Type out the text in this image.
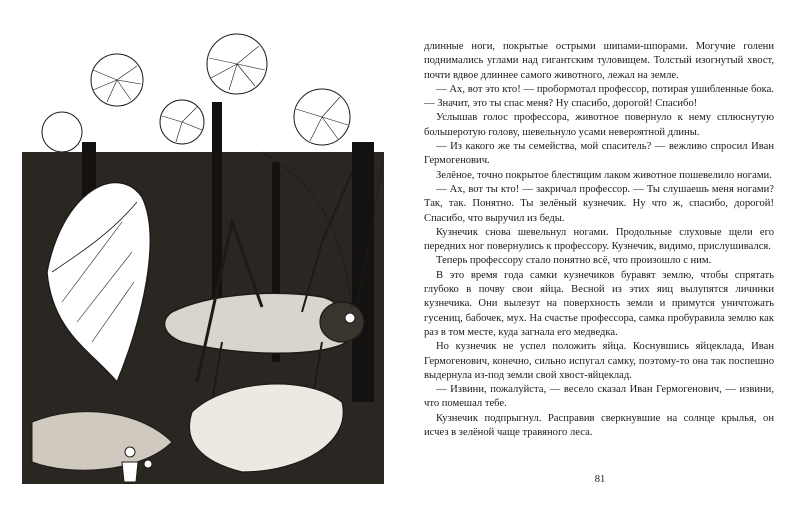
длинные ноги, покрытые острыми шипами-шпорами. Могучие голени поднимались углами над гигантским туловищем. Толстый изогнутый хвост, почти вдвое длиннее самого животного, лежал на земле.

— Ах, вот это кто! — пробормотал профессор, потирая ушибленные бока. — Значит, это ты спас меня? Ну спасибо, дорогой! Спасибо!

Услышав голос профессора, животное повернуло к нему сплюснутую большеротую голову, шевельнуло усами невероятной длины.

— Из какого же ты семейства, мой спаситель? — вежливо спросил Иван Гермогенович.

Зелёное, точно покрытое блестящим лаком животное пошевелило ногами.

— Ах, вот ты кто! — закричал профессор. — Ты слушаешь меня ногами? Так, так. Понятно. Ты зелёный кузнечик. Ну что ж, спасибо, дорогой! Спасибо, что выручил из беды.

Кузнечик снова шевельнул ногами. Продольные слуховые щели его передних ног повернулись к профессору. Кузнечик, видимо, прислушивался.

Теперь профессору стало понятно всё, что произошло с ним.

В это время года самки кузнечиков буравят землю, чтобы спрятать глубоко в почву свои яйца. Весной из этих яиц вылупятся личинки кузнечика. Они вылезут на поверхность земли и примутся уничтожать гусениц, бабочек, мух. На счастье профессора, самка пробуравила землю как раз в том месте, куда загнала его медведка.

Но кузнечик не успел положить яйца. Коснувшись яйцеклада, Иван Гермогенович, конечно, сильно испугал самку, поэтому-то она так поспешно выдернула из-под земли свой хвост-яйцеклад.

— Извини, пожалуйста, — весело сказал Иван Гермогенович, — извини, что помешал тебе.

Кузнечик подпрыгнул. Расправив сверкнувшие на солнце крылья, он исчез в зелёной чаще травяного леса.

81
